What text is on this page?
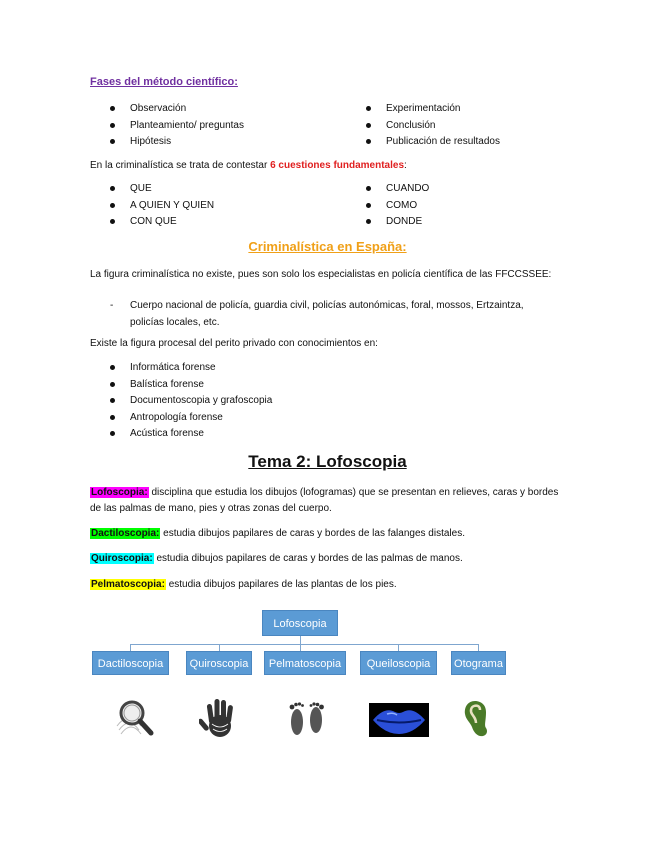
Fases del método científico:
Observación
Planteamiento/ preguntas
Hipótesis
Experimentación
Conclusión
Publicación de resultados
En la criminalística se trata de contestar 6 cuestiones fundamentales:
QUE
A QUIEN Y QUIEN
CON QUE
CUANDO
COMO
DONDE
Criminalística en España:
La figura criminalística no existe, pues son solo los especialistas en policía científica de las FFCCSSEE:
- Cuerpo nacional de policía, guardia civil, policías autonómicas, foral, mossos, Ertzaintza, policías locales, etc.
Existe la figura procesal del perito privado con conocimientos en:
Informática forense
Balística forense
Documentoscopia y grafoscopia
Antropología forense
Acústica forense
Tema 2: Lofoscopia
Lofoscopia: disciplina que estudia los dibujos (lofogramas) que se presentan en relieves, caras y bordes de las palmas de mano, pies y otras zonas del cuerpo.
Dactiloscopia: estudia dibujos papilares de caras y bordes de las falanges distales.
Quiroscopia: estudia dibujos papilares de caras y bordes de las palmas de manos.
Pelmatoscopia: estudia dibujos papilares de las plantas de los pies.
Lofoscopia
Dactiloscopia	Quiroscopia	Pelmatoscopia	Queiloscopia	Otograma
